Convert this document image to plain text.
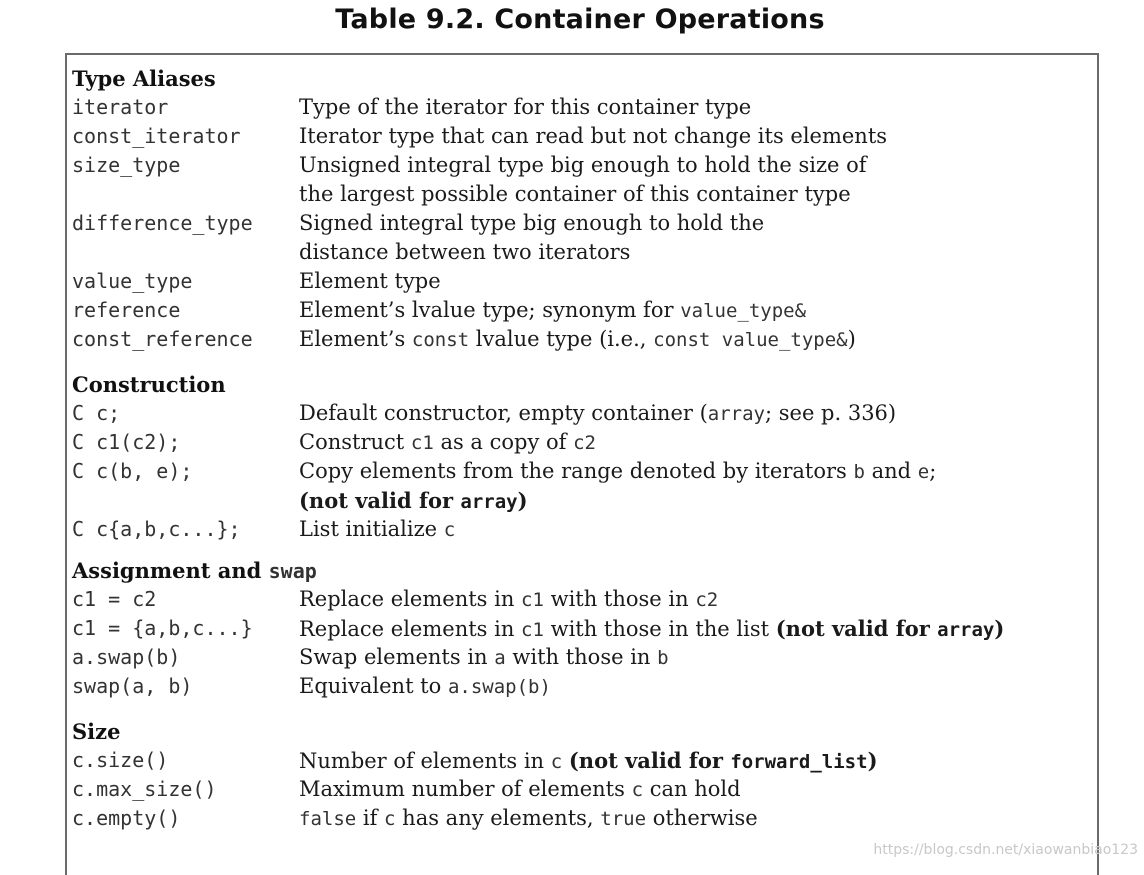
Table 9.2. Container Operations
Type Aliases
iterator	Type of the iterator for this container type
const_iterator	Iterator type that can read but not change its elements
size_type	Unsigned integral type big enough to hold the size of
the largest possible container of this container type
difference_type	Signed integral type big enough to hold the
distance between two iterators
value_type	Element type
reference	Element’s lvalue type; synonym for value_type&
const_reference	Element’s const lvalue type (i.e., const value_type&)
Construction
C c;	Default constructor, empty container (array; see p. 336)
C c1(c2);	Construct c1 as a copy of c2
C c(b, e);	Copy elements from the range denoted by iterators b and e;
(not valid for array)
C c{a,b,c...};	List initialize c
Assignment and swap
c1 = c2	Replace elements in c1 with those in c2
c1 = {a,b,c...}	Replace elements in c1 with those in the list (not valid for array)
a.swap(b)	Swap elements in a with those in b
swap(a, b)	Equivalent to a.swap(b)
Size
c.size()	Number of elements in c (not valid for forward_list)
c.max_size()	Maximum number of elements c can hold
c.empty()	false if c has any elements, true otherwise
https://blog.csdn.net/xiaowanbiao123
